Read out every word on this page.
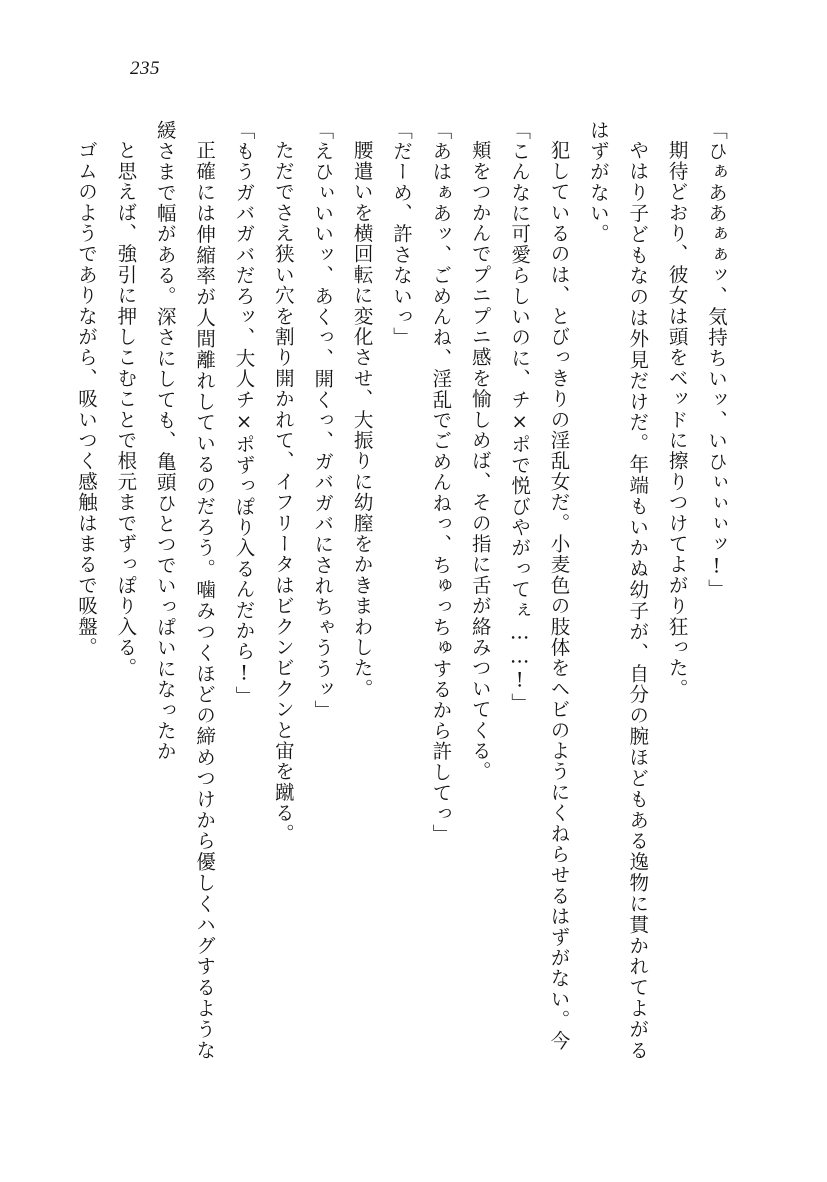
235

「ひぁああぁぁッ、気持ちいッ、いひぃぃぃッ!」

期待どおり、彼女は頭をベッドに擦りつけてよがり狂った。

やはり子どもなのは外見だけだ。年端もいかぬ幼子が、自分の腕ほどもある逸物に貫かれてよがるはずがない。

犯しているのは、とびっきりの淫乱女だ。小麦色の肢体をヘビのようにくねらせるはずがない。今

「こんなに可愛らしいのに、チ×ポで悦びやがってぇ……!」

頬をつかんでプニプニ感を愉しめば、その指に舌が絡みついてくる。

「あはぁあッ、ごめんね、淫乱でごめんねっ、ちゅっちゅするから許してっ」

「だーめ、許さないっ」

腰遣いを横回転に変化させ、大振りに幼膣をかきまわした。

「えひぃいいッ、あくっ、開くっ、ガバガバにされちゃううッ」

ただでさえ狭い穴を割り開かれて、イフリータはビクンビクンと宙を蹴る。

「もうガバガバだろッ、大人チ×ポずっぽり入るんだから!」

正確には伸縮率が人間離れしているのだろう。噛みつくほどの締めつけから優しくハグするような緩さまで幅がある。深さにしても、亀頭ひとつでいっぱいになったか

と思えば、強引に押しこむことで根元までずっぽり入る。

ゴムのようでありながら、吸いつく感触はまるで吸盤。
